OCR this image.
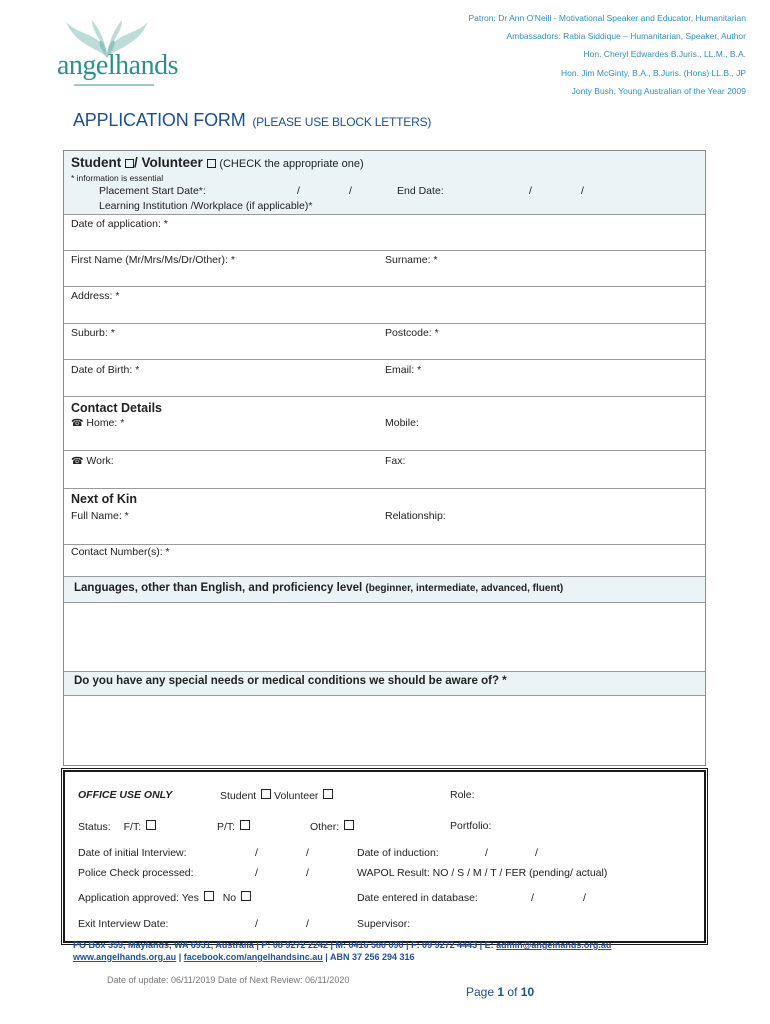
angelhands
Patron: Dr Ann O'Neill - Motivational Speaker and Educator, Humanitarian
Ambassadors: Rabia Siddique – Humanitarian, Speaker, Author
Hon. Cheryl Edwardes B.Juris., LL.M., B.A.
Hon. Jim McGinty, B.A., B.Juris. (Hons) LL.B., JP
Jonty Bush, Young Australian of the Year 2009
APPLICATION FORM (PLEASE USE BLOCK LETTERS)
Student / Volunteer (CHECK the appropriate one)
* information is essential
Placement Start Date*:	/	/	End Date:	/	/
Learning Institution /Workplace (if applicable)*
Date of application: *
First Name (Mr/Mrs/Ms/Dr/Other): *	Surname: *
Address: *
Suburb: *	Postcode: *
Date of Birth: *	Email: *
Contact Details
☎ Home: *	Mobile:
☎ Work:	Fax:
Next of Kin
Full Name: *	Relationship:
Contact Number(s): *
Languages, other than English, and proficiency level (beginner, intermediate, advanced, fluent)
Do you have any special needs or medical conditions we should be aware of? *
OFFICE USE ONLY	Student Volunteer	Role:
Status: F/T:	P/T:	Other:	Portfolio:
Date of initial Interview:	/	/	Date of induction:	/	/
Police Check processed:	/	/	WAPOL Result: NO / S / M / T / FER (pending/ actual)
Application approved: Yes No	Date entered in database:	/	/
Exit Interview Date:	/	/	Supervisor:
PO Box 359, Maylands, WA 6931, Australia | P: 08 9272 2242 | M: 0416 580 090 | F: 09 9272 4443 | E: admin@angelhands.org.au
www.angelhands.org.au | facebook.com/angelhandsinc.au | ABN 37 256 294 316
Date of update: 06/11/2019 Date of Next Review: 06/11/2020
Page 1 of 10
